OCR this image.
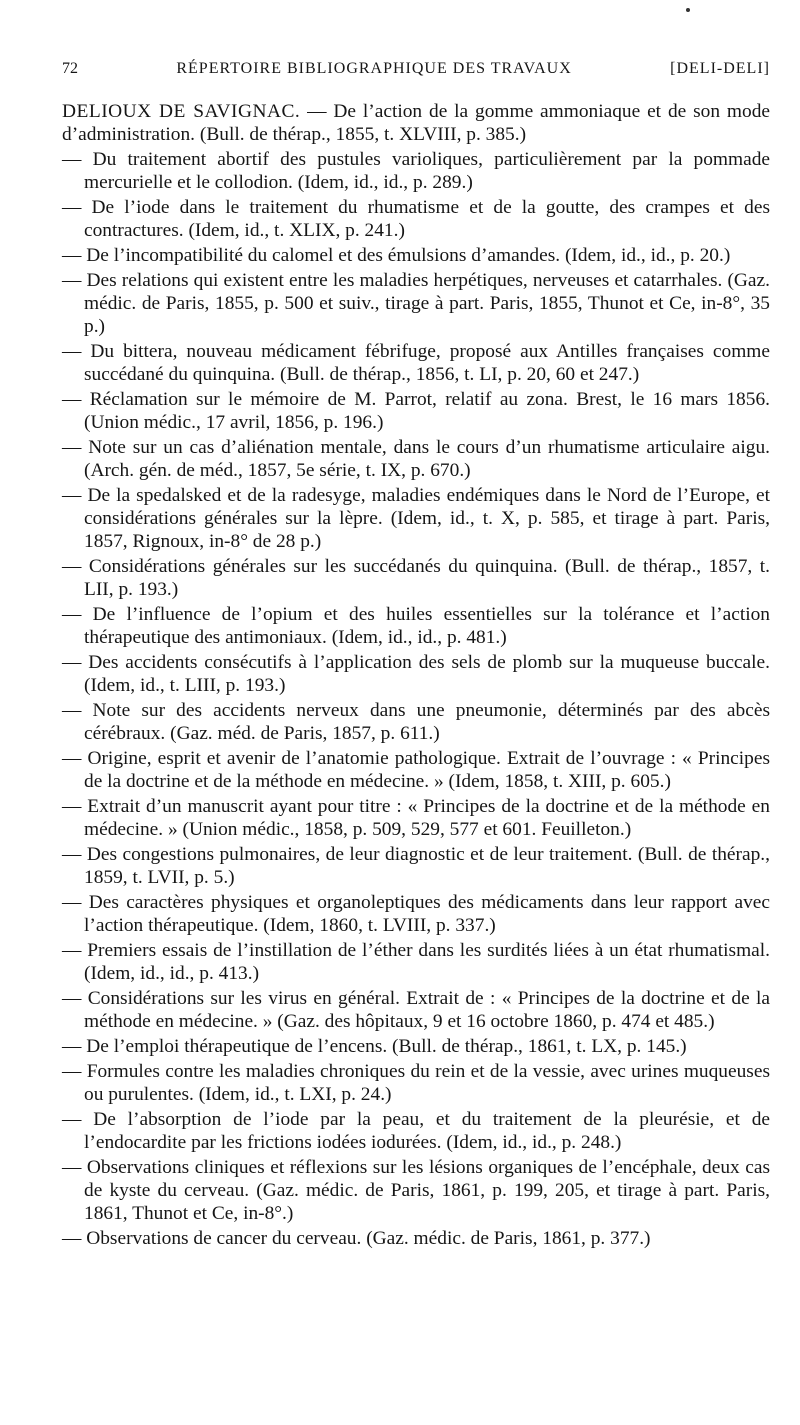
72	RÉPERTOIRE BIBLIOGRAPHIQUE DES TRAVAUX	[DELI-DELI]

DELIOUX DE SAVIGNAC. — De l’action de la gomme ammoniaque et de son mode d’administration. (Bull. de thérap., 1855, t. XLVIII, p. 385.)

— Du traitement abortif des pustules varioliques, particulièrement par la pommade mercurielle et le collodion. (Idem, id., id., p. 289.)

— De l’iode dans le traitement du rhumatisme et de la goutte, des crampes et des contractures. (Idem, id., t. XLIX, p. 241.)

— De l’incompatibilité du calomel et des émulsions d’amandes. (Idem, id., id., p. 20.)

— Des relations qui existent entre les maladies herpétiques, nerveuses et catarrhales. (Gaz. médic. de Paris, 1855, p. 500 et suiv., tirage à part. Paris, 1855, Thunot et Ce, in-8°, 35 p.)

— Du bittera, nouveau médicament fébrifuge, proposé aux Antilles françaises comme succédané du quinquina. (Bull. de thérap., 1856, t. LI, p. 20, 60 et 247.)

— Réclamation sur le mémoire de M. Parrot, relatif au zona. Brest, le 16 mars 1856. (Union médic., 17 avril, 1856, p. 196.)

— Note sur un cas d’aliénation mentale, dans le cours d’un rhumatisme articulaire aigu. (Arch. gén. de méd., 1857, 5e série, t. IX, p. 670.)

— De la spedalsked et de la radesyge, maladies endémiques dans le Nord de l’Europe, et considérations générales sur la lèpre. (Idem, id., t. X, p. 585, et tirage à part. Paris, 1857, Rignoux, in-8° de 28 p.)

— Considérations générales sur les succédanés du quinquina. (Bull. de thérap., 1857, t. LII, p. 193.)

— De l’influence de l’opium et des huiles essentielles sur la tolérance et l’action thérapeutique des antimoniaux. (Idem, id., id., p. 481.)

— Des accidents consécutifs à l’application des sels de plomb sur la muqueuse buccale. (Idem, id., t. LIII, p. 193.)

— Note sur des accidents nerveux dans une pneumonie, déterminés par des abcès cérébraux. (Gaz. méd. de Paris, 1857, p. 611.)

— Origine, esprit et avenir de l’anatomie pathologique. Extrait de l’ouvrage : « Principes de la doctrine et de la méthode en médecine. » (Idem, 1858, t. XIII, p. 605.)

— Extrait d’un manuscrit ayant pour titre : « Principes de la doctrine et de la méthode en médecine. » (Union médic., 1858, p. 509, 529, 577 et 601. Feuilleton.)

— Des congestions pulmonaires, de leur diagnostic et de leur traitement. (Bull. de thérap., 1859, t. LVII, p. 5.)

— Des caractères physiques et organoleptiques des médicaments dans leur rapport avec l’action thérapeutique. (Idem, 1860, t. LVIII, p. 337.)

— Premiers essais de l’instillation de l’éther dans les surdités liées à un état rhumatismal. (Idem, id., id., p. 413.)

— Considérations sur les virus en général. Extrait de : « Principes de la doctrine et de la méthode en médecine. » (Gaz. des hôpitaux, 9 et 16 octobre 1860, p. 474 et 485.)

— De l’emploi thérapeutique de l’encens. (Bull. de thérap., 1861, t. LX, p. 145.)

— Formules contre les maladies chroniques du rein et de la vessie, avec urines muqueuses ou purulentes. (Idem, id., t. LXI, p. 24.)

— De l’absorption de l’iode par la peau, et du traitement de la pleurésie, et de l’endocardite par les frictions iodées iodurées. (Idem, id., id., p. 248.)

— Observations cliniques et réflexions sur les lésions organiques de l’encéphale, deux cas de kyste du cerveau. (Gaz. médic. de Paris, 1861, p. 199, 205, et tirage à part. Paris, 1861, Thunot et Ce, in-8°.)

— Observations de cancer du cerveau. (Gaz. médic. de Paris, 1861, p. 377.)
